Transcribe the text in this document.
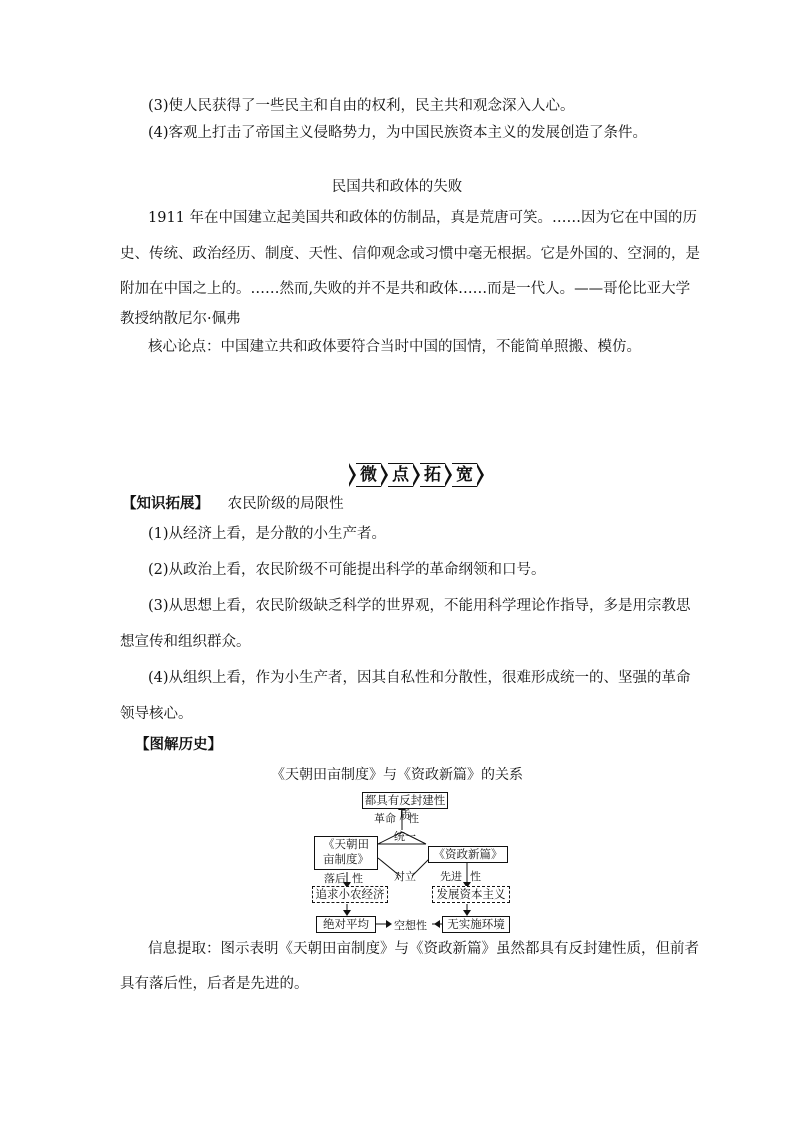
(3)使人民获得了一些民主和自由的权利，民主共和观念深入人心。
(4)客观上打击了帝国主义侵略势力，为中国民族资本主义的发展创造了条件。
民国共和政体的失败
1911 年在中国建立起美国共和政体的仿制品，真是荒唐可笑。……因为它在中国的历
史、传统、政治经历、制度、天性、信仰观念或习惯中毫无根据。它是外国的、空洞的，是
附加在中国之上的。……然而,失败的并不是共和政体……而是一代人。——哥伦比亚大学
教授纳散尼尔·佩弗
核心论点：中国建立共和政体要符合当时中国的国情，不能简单照搬、模仿。
微 点 拓 宽
【知识拓展】 农民阶级的局限性
(1)从经济上看，是分散的小生产者。
(2)从政治上看，农民阶级不可能提出科学的革命纲领和口号。
(3)从思想上看，农民阶级缺乏科学的世界观，不能用科学理论作指导，多是用宗教思
想宣传和组织群众。
(4)从组织上看，作为小生产者，因其自私性和分散性，很难形成统一的、坚强的革命
领导核心。
【图解历史】
《天朝田亩制度》与《资政新篇》的关系
都具有反封建性质
革命 性
统一
《天朝田
亩制度》	《资政新篇》
对立
落后 性	先进 性
追求小农经济	发展资本主义
绝对平均	空想性	无实施环境
信息提取：图示表明《天朝田亩制度》与《资政新篇》虽然都具有反封建性质，但前者
具有落后性，后者是先进的。
